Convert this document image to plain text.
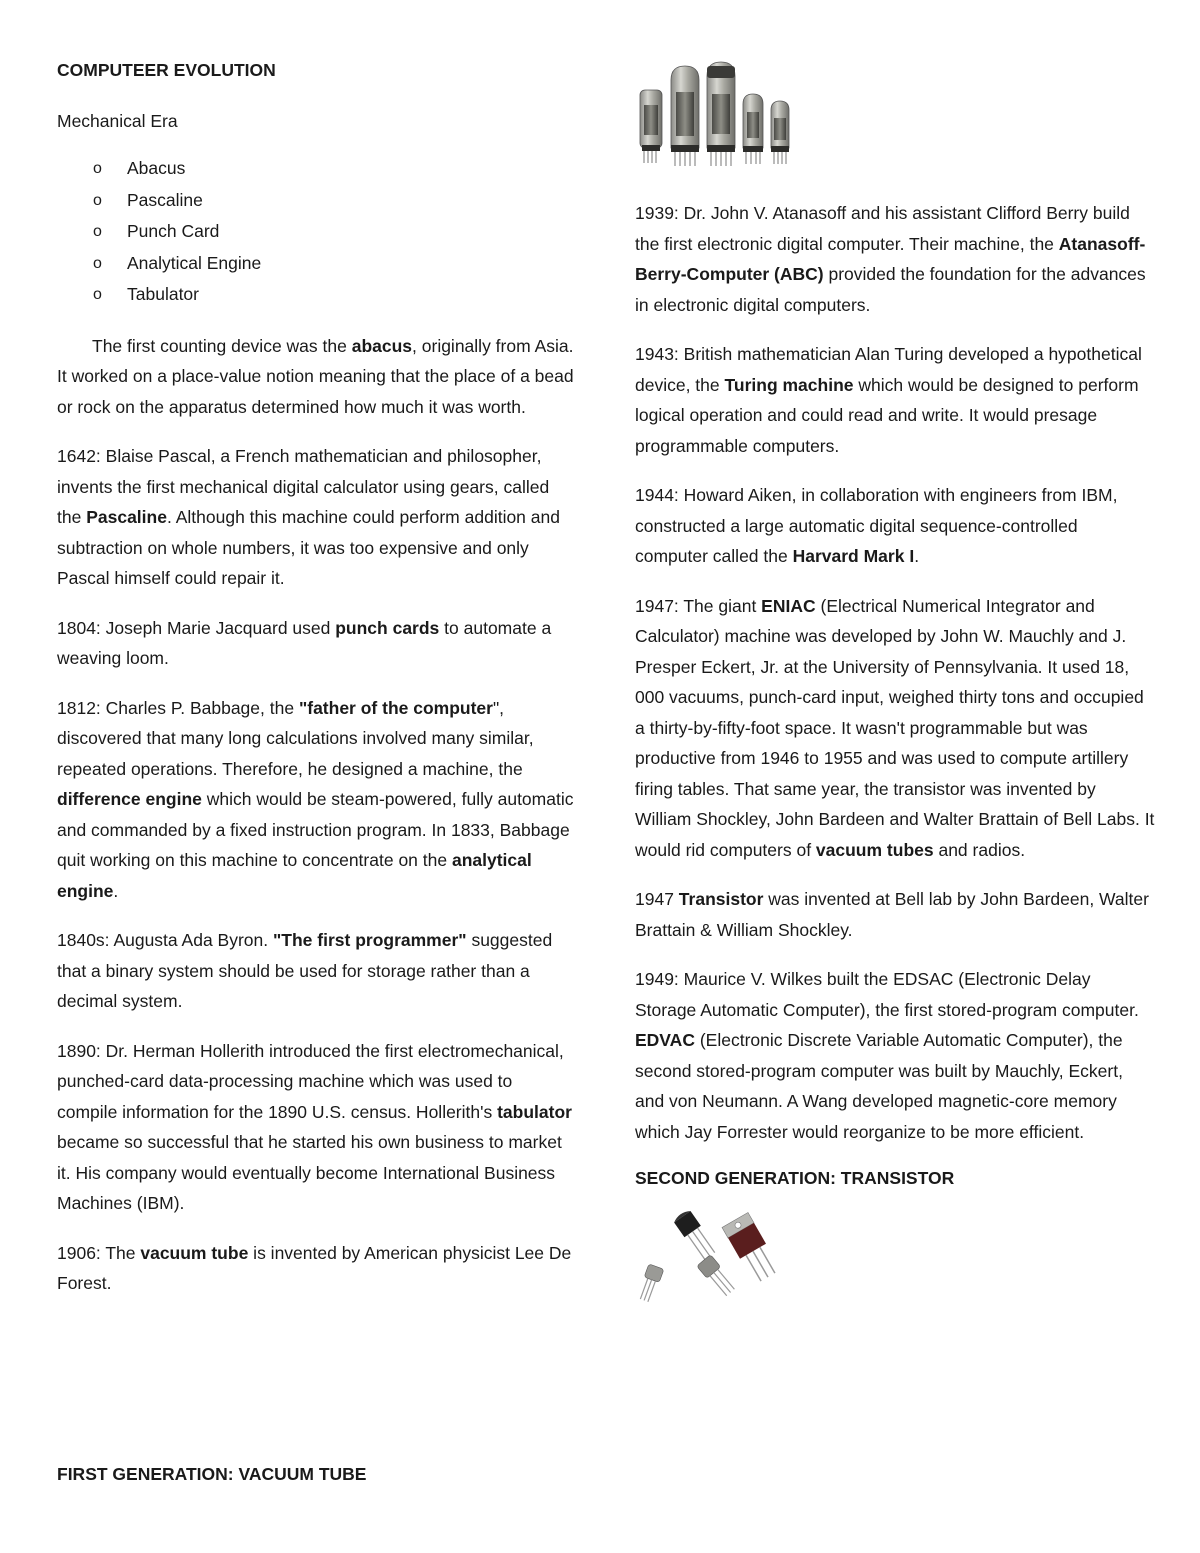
COMPUTEER EVOLUTION

Mechanical Era

o Abacus
o Pascaline
o Punch Card
o Analytical Engine
o Tabulator

The first counting device was the abacus, originally from Asia. It worked on a place-value notion meaning that the place of a bead or rock on the apparatus determined how much it was worth.

1642: Blaise Pascal, a French mathematician and philosopher, invents the first mechanical digital calculator using gears, called the Pascaline. Although this machine could perform addition and subtraction on whole numbers, it was too expensive and only Pascal himself could repair it.

1804: Joseph Marie Jacquard used punch cards to automate a weaving loom.

1812: Charles P. Babbage, the "father of the computer", discovered that many long calculations involved many similar, repeated operations. Therefore, he designed a machine, the difference engine which would be steam-powered, fully automatic and commanded by a fixed instruction program. In 1833, Babbage quit working on this machine to concentrate on the analytical engine.

1840s: Augusta Ada Byron. "The first programmer" suggested that a binary system should be used for storage rather than a decimal system.

1890: Dr. Herman Hollerith introduced the first electromechanical, punched-card data-processing machine which was used to compile information for the 1890 U.S. census. Hollerith's tabulator became so successful that he started his own business to market it. His company would eventually become International Business Machines (IBM).

1906: The vacuum tube is invented by American physicist Lee De Forest.

FIRST GENERATION: VACUUM TUBE

1939: Dr. John V. Atanasoff and his assistant Clifford Berry build the first electronic digital computer. Their machine, the Atanasoff-Berry-Computer (ABC) provided the foundation for the advances in electronic digital computers.

1943: British mathematician Alan Turing developed a hypothetical device, the Turing machine which would be designed to perform logical operation and could read and write. It would presage programmable computers.

1944: Howard Aiken, in collaboration with engineers from IBM, constructed a large automatic digital sequence-controlled computer called the Harvard Mark I.

1947: The giant ENIAC (Electrical Numerical Integrator and Calculator) machine was developed by John W. Mauchly and J. Presper Eckert, Jr. at the University of Pennsylvania. It used 18, 000 vacuums, punch-card input, weighed thirty tons and occupied a thirty-by-fifty-foot space. It wasn't programmable but was productive from 1946 to 1955 and was used to compute artillery firing tables. That same year, the transistor was invented by William Shockley, John Bardeen and Walter Brattain of Bell Labs. It would rid computers of vacuum tubes and radios.

1947 Transistor was invented at Bell lab by John Bardeen, Walter Brattain & William Shockley.

1949: Maurice V. Wilkes built the EDSAC (Electronic Delay Storage Automatic Computer), the first stored-program computer. EDVAC (Electronic Discrete Variable Automatic Computer), the second stored-program computer was built by Mauchly, Eckert, and von Neumann. A Wang developed magnetic-core memory which Jay Forrester would reorganize to be more efficient.

SECOND GENERATION: TRANSISTOR
